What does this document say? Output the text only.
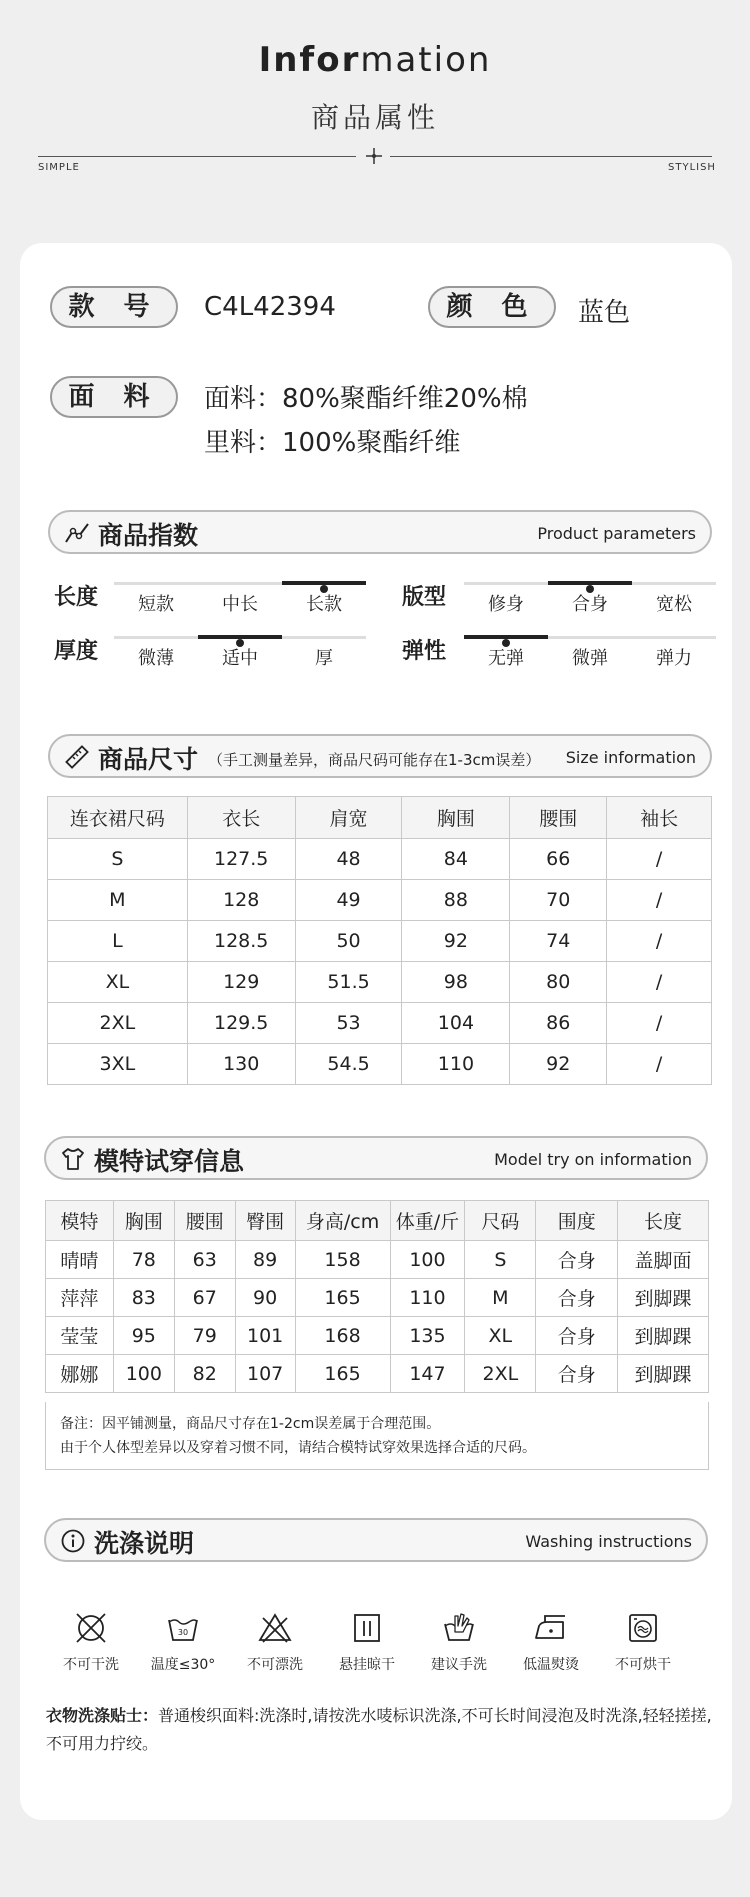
Information
商品属性
SIMPLE	STYLISH
款 号	C4L42394	颜 色	蓝色
面 料	面料：80%聚酯纤维20%棉
里料：100%聚酯纤维
商品指数	Product parameters
长度	短款	中长	长款	版型	修身	合身	宽松
厚度	微薄	适中	厚	弹性	无弹	微弹	弹力
商品尺寸 （手工测量差异，商品尺码可能存在1-3cm误差） Size information
连衣裙尺码	衣长	肩宽	胸围	腰围	袖长
S	127.5	48	84	66	/
M	128	49	88	70	/
L	128.5	50	92	74	/
XL	129	51.5	98	80	/
2XL	129.5	53	104	86	/
3XL	130	54.5	110	92	/
模特试穿信息	Model try on information
模特	胸围	腰围	臀围	身高/cm	体重/斤	尺码	围度	长度
晴晴	78	63	89	158	100	S	合身	盖脚面
萍萍	83	67	90	165	110	M	合身	到脚踝
莹莹	95	79	101	168	135	XL	合身	到脚踝
娜娜	100	82	107	165	147	2XL	合身	到脚踝
备注：因平铺测量，商品尺寸存在1-2cm误差属于合理范围。
由于个人体型差异以及穿着习惯不同，请结合模特试穿效果选择合适的尺码。
洗涤说明	Washing instructions
不可干洗
30
温度≤30°	不可漂洗	悬挂晾干	建议手洗	低温熨烫	不可烘干
衣物洗涤贴士：普通梭织面料:洗涤时,请按洗水唛标识洗涤,不可长时间浸泡及时洗涤,轻轻搓搓,不可用力拧绞。
